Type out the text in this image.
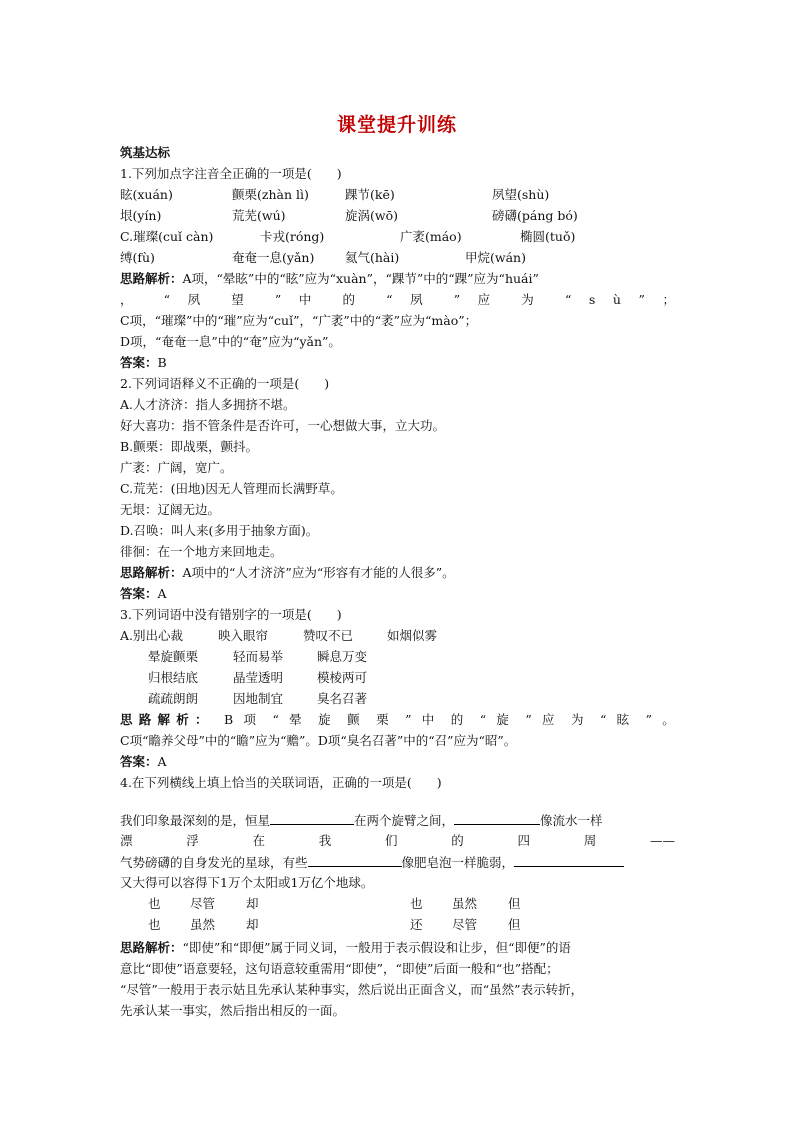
课堂提升训练
筑基达标
1.下列加点字注音全正确的一项是(　　)
眩(xuán)	颤栗(zhàn lì)	踝节(kē)	夙望(shù)
垠(yín)	荒芜(wú)	旋涡(wō)	磅礴(páng bó)
C.璀璨(cuǐ càn)	卡戎(róng)	广袤(máo)	椭圆(tuǒ)
缚(fù)	奄奄一息(yǎn) 氦气(hài)	甲烷(wán)
思路解析：A项，“晕眩”中的“眩”应为“xuàn”，“踝节”中的“踝”应为“huái”
， “ 夙 望 ” 中 的 “ 夙 ” 应 为 “ s ù ” ；
C项，“璀璨”中的“璀”应为“cuǐ”，“广袤”中的“袤”应为“mào”；
D项，“奄奄一息”中的“奄”应为“yǎn”。
答案：B
2.下列词语释义不正确的一项是(　　)
A.人才济济：指人多拥挤不堪。
好大喜功：指不管条件是否许可，一心想做大事，立大功。
B.颤栗：即战栗，颤抖。
广袤：广阔，宽广。
C.荒芜：(田地)因无人管理而长满野草。
无垠：辽阔无边。
D.召唤：叫人来(多用于抽象方面)。
徘徊：在一个地方来回地走。
思路解析：A项中的“人才济济”应为“形容有才能的人很多”。
答案：A
3.下列词语中没有错别字的一项是(　　)
A.别出心裁	映入眼帘	赞叹不已	如烟似雾
晕旋颤栗	轻而易举	瞬息万变
归根结底	晶莹透明	模棱两可
疏疏朗朗	因地制宜	臭名召著
思路解析： B 项 “ 晕 旋 颤 栗 ” 中 的 “ 旋 ” 应 为 “ 眩 ” 。
C项“瞻养父母”中的“瞻”应为“赡”。D项“臭名召著”中的“召”应为“昭”。
答案：A
4.在下列横线上填上恰当的关联词语，正确的一项是(　　)
我们印象最深刻的是，恒星	在两个旋臂之间，	像流水一样
漂 浮 在 我 们 的 四 周 ——
气势磅礴的自身发光的星球，有些	像肥皂泡一样脆弱，
又大得可以容得下1万个太阳或1万亿个地球。
也 尽管 却	也 虽然 但
也 虽然 却	还 尽管 但
思路解析：“即使”和“即便”属于同义词，一般用于表示假设和让步，但“即便”的语
意比“即使”语意要轻，这句语意较重需用“即使”，“即使”后面一般和“也”搭配；
“尽管”一般用于表示姑且先承认某种事实，然后说出正面含义，而“虽然”表示转折，
先承认某一事实，然后指出相反的一面。
